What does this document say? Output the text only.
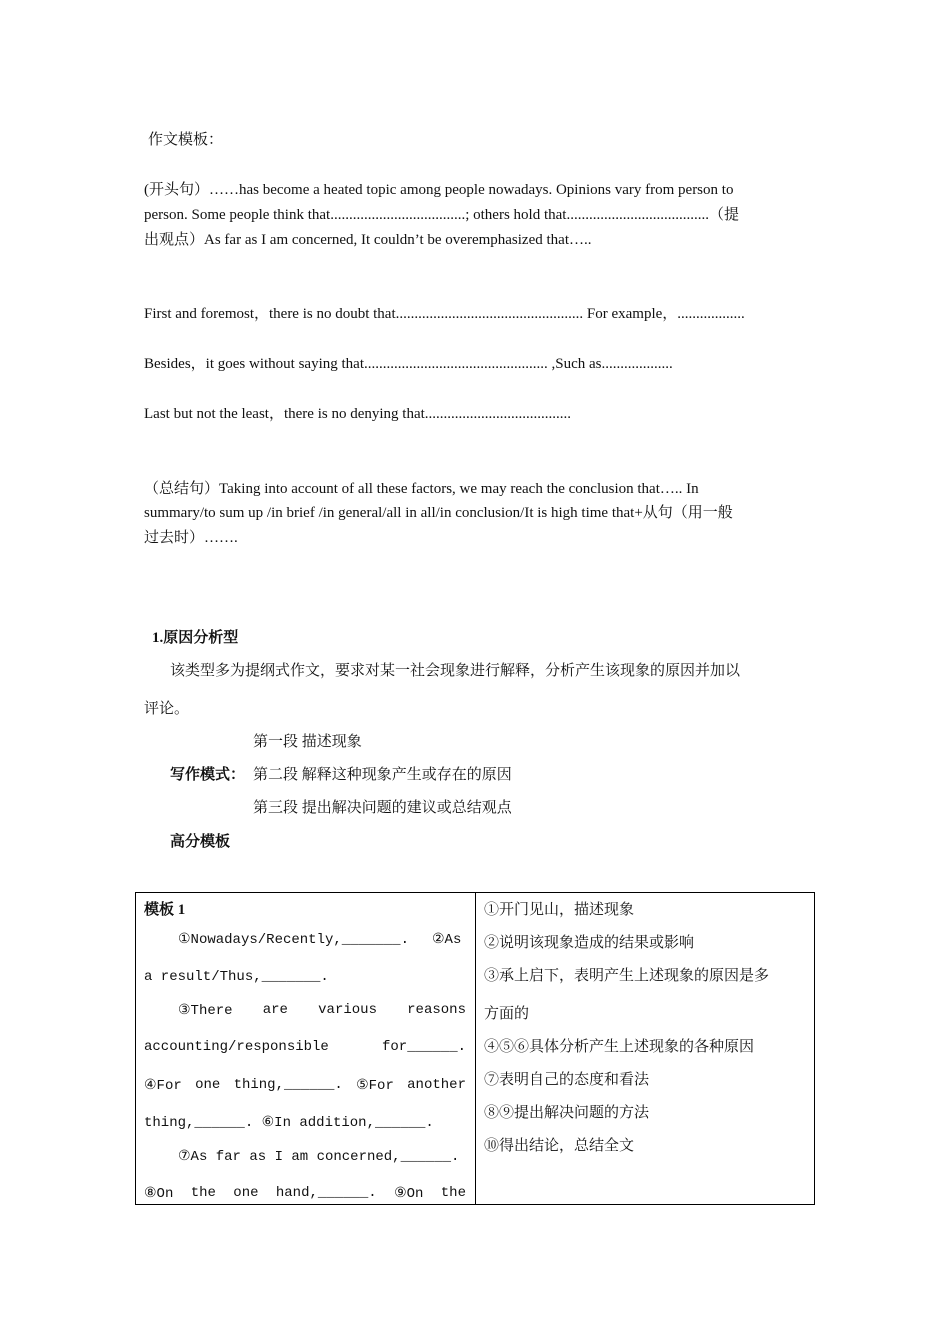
作文模板：
(开头句）……has become a heated topic among people nowadays. Opinions vary from person to
person. Some people think that....................................; others hold that......................................（提
出观点）As far as I am concerned, It couldn’t be overemphasized that…..
First and foremost，there is no doubt that.................................................. For example，..................
Besides，it goes without saying that................................................. ,Such as...................
Last but not the least，there is no denying that.......................................
（总结句）Taking into account of all these factors, we may reach the conclusion that….. In
summary/to sum up /in brief /in general/all in all/in conclusion/It is high time that+从句（用一般
过去时）…….
1.原因分析型
该类型多为提纲式作文，要求对某一社会现象进行解释，分析产生该现象的原因并加以
评论。
第一段 描述现象
写作模式： 第二段 解释这种现象产生或存在的原因
第三段 提出解决问题的建议或总结观点
高分模板
模板 1
①Nowadays/Recently,_______. ②As
a result/Thus,_______.
③There are various reasons
accounting/responsible	for______.
④For one thing,______. ⑤For another
thing,______. ⑥In addition,______.
⑦As far as I am concerned,______.
⑧On the one hand,______. ⑨On the
①开门见山，描述现象
②说明该现象造成的结果或影响
③承上启下，表明产生上述现象的原因是多
方面的
④⑤⑥具体分析产生上述现象的各种原因
⑦表明自己的态度和看法
⑧⑨提出解决问题的方法
⑩得出结论，总结全文
